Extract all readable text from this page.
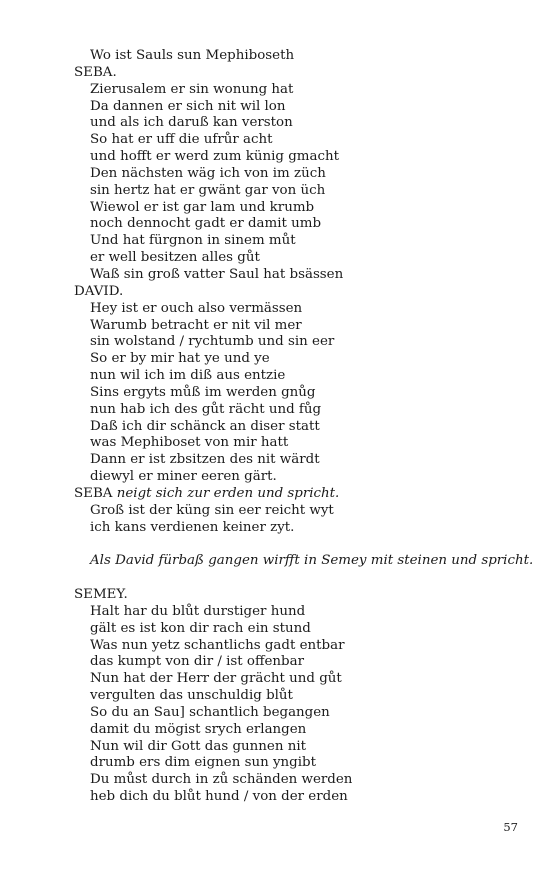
Wo ist Sauls sun Mephiboseth
SEBA.
Zierusalem er sin wonung hat
Da dannen er sich nit wil lon
und als ich daruß kan verston
So hat er uff die ufrůr acht
und hofft er werd zum künig gmacht
Den nächsten wäg ich von im züch
sin hertz hat er gwänt gar von üch
Wiewol er ist gar lam und krumb
noch dennocht gadt er damit umb
Und hat fürgnon in sinem můt
er well besitzen alles gůt
Waß sin groß vatter Saul hat bsässen
DAVID.
Hey ist er ouch also vermässen
Warumb betracht er nit vil mer
sin wolstand / rychtumb und sin eer
So er by mir hat ye und ye
nun wil ich im diß aus entzie
Sins ergyts můß im werden gnůg
nun hab ich des gůt rächt und fůg
Daß ich dir schänck an diser statt
was Mephiboset von mir hatt
Dann er ist zbsitzen des nit wärdt
diewyl er miner eeren gärt.
SEBA neigt sich zur erden und spricht.
Groß ist der küng sin eer reicht wyt
ich kans verdienen keiner zyt.
Als David fürbaß gangen wirfft in Semey mit steinen und spricht.
SEMEY.
Halt har du blůt durstiger hund
gält es ist kon dir rach ein stund
Was nun yetz schantlichs gadt entbar
das kumpt von dir / ist offenbar
Nun hat der Herr der grächt und gůt
vergulten das unschuldig blůt
So du an Sau] schantlich begangen
damit du mögist srych erlangen
Nun wil dir Gott das gunnen nit
drumb ers dim eignen sun yngibt
Du můst durch in zů schänden werden
heb dich du blůt hund / von der erden
57
